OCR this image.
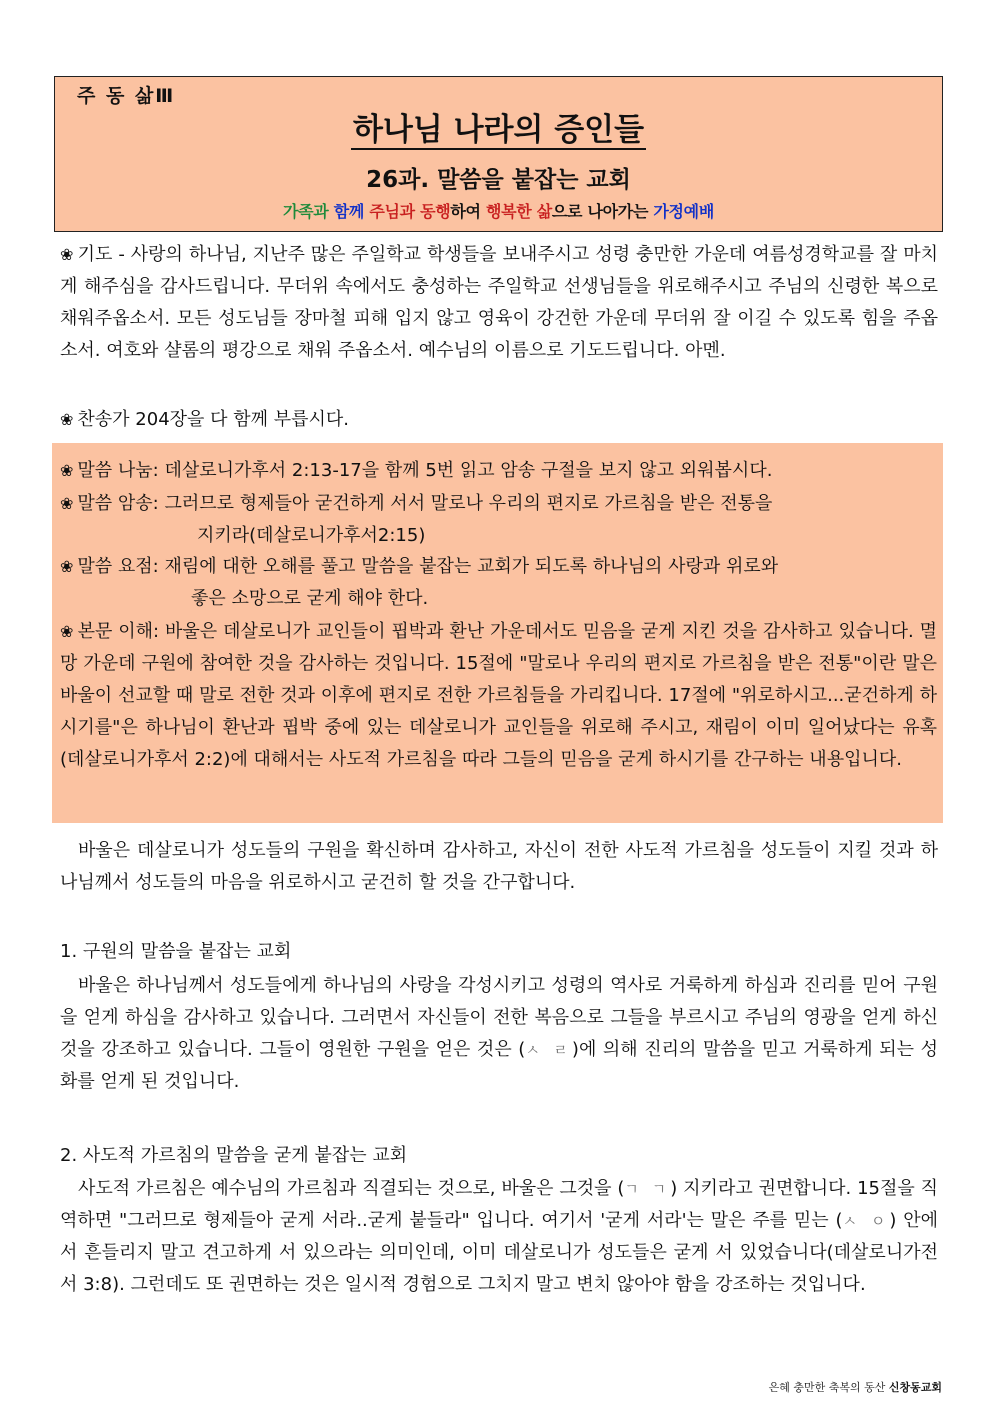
주 동 삶Ⅲ
하나님 나라의 증인들
26과. 말씀을 붙잡는 교회
가족과 함께 주님과 동행하여 행복한 삶으로 나아가는 가정예배

❀ 기도 - 사랑의 하나님, 지난주 많은 주일학교 학생들을 보내주시고 성령 충만한 가운데 여름성경학교를 잘 마치게 해주심을 감사드립니다. 무더위 속에서도 충성하는 주일학교 선생님들을 위로해주시고 주님의 신령한 복으로 채워주옵소서. 모든 성도님들 장마철 피해 입지 않고 영육이 강건한 가운데 무더위 잘 이길 수 있도록 힘을 주옵소서. 여호와 샬롬의 평강으로 채워 주옵소서. 예수님의 이름으로 기도드립니다. 아멘.

❀ 찬송가 204장을 다 함께 부릅시다.

❀ 말씀 나눔: 데살로니가후서 2:13-17을 함께 5번 읽고 암송 구절을 보지 않고 외워봅시다.

❀ 말씀 암송: 그러므로 형제들아 굳건하게 서서 말로나 우리의 편지로 가르침을 받은 전통을
지키라(데살로니가후서2:15)

❀ 말씀 요점: 재림에 대한 오해를 풀고 말씀을 붙잡는 교회가 되도록 하나님의 사랑과 위로와
좋은 소망으로 굳게 해야 한다.

❀ 본문 이해: 바울은 데살로니가 교인들이 핍박과 환난 가운데서도 믿음을 굳게 지킨 것을 감사하고 있습니다. 멸망 가운데 구원에 참여한 것을 감사하는 것입니다. 15절에 "말로나 우리의 편지로 가르침을 받은 전통"이란 말은 바울이 선교할 때 말로 전한 것과 이후에 편지로 전한 가르침들을 가리킵니다. 17절에 "위로하시고...굳건하게 하시기를"은 하나님이 환난과 핍박 중에 있는 데살로니가 교인들을 위로해 주시고, 재림이 이미 일어났다는 유혹(데살로니가후서 2:2)에 대해서는 사도적 가르침을 따라 그들의 믿음을 굳게 하시기를 간구하는 내용입니다.

바울은 데살로니가 성도들의 구원을 확신하며 감사하고, 자신이 전한 사도적 가르침을 성도들이 지킬 것과 하나님께서 성도들의 마음을 위로하시고 굳건히 할 것을 간구합니다.

1. 구원의 말씀을 붙잡는 교회

바울은 하나님께서 성도들에게 하나님의 사랑을 각성시키고 성령의 역사로 거룩하게 하심과 진리를 믿어 구원을 얻게 하심을 감사하고 있습니다. 그러면서 자신들이 전한 복음으로 그들을 부르시고 주님의 영광을 얻게 하신 것을 강조하고 있습니다. 그들이 영원한 구원을 얻은 것은 (ㅅ ㄹ)에 의해 진리의 말씀을 믿고 거룩하게 되는 성화를 얻게 된 것입니다.

2. 사도적 가르침의 말씀을 굳게 붙잡는 교회

사도적 가르침은 예수님의 가르침과 직결되는 것으로, 바울은 그것을 (ㄱ ㄱ) 지키라고 권면합니다. 15절을 직역하면 "그러므로 형제들아 굳게 서라..굳게 붙들라" 입니다. 여기서 '굳게 서라'는 말은 주를 믿는 (ㅅ ㅇ) 안에서 흔들리지 말고 견고하게 서 있으라는 의미인데, 이미 데살로니가 성도들은 굳게 서 있었습니다(데살로니가전서 3:8). 그런데도 또 권면하는 것은 일시적 경험으로 그치지 말고 변치 않아야 함을 강조하는 것입니다.

은혜 충만한 축복의 동산 신창동교회
